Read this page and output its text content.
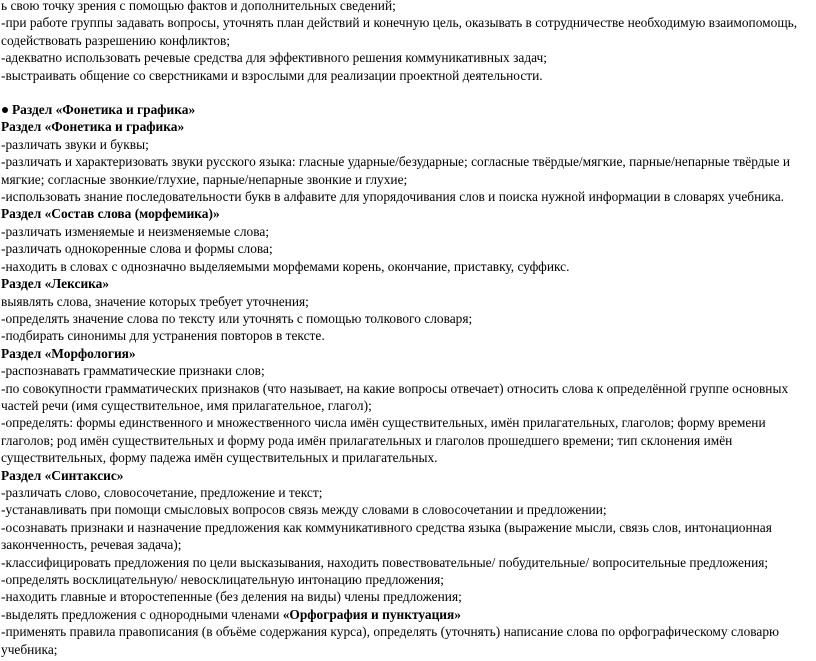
ь свою точку зрения с помощью фактов и дополнительных сведений;

-при работе группы задавать вопросы, уточнять план действий и конечную цель, оказывать в сотрудничестве необходимую взаимопомощь, содействовать разрешению конфликтов;

-адекватно использовать речевые средства для эффективного решения коммуникативных задач;

-выстраивать общение со сверстниками и взрослыми для реализации проектной деятельности.

Раздел «Фонетика и графика»

Раздел «Фонетика и графика»

-различать звуки и буквы;

-различать и характеризовать звуки русского языка: гласные ударные/безударные; согласные твёрдые/мягкие, парные/непарные твёрдые и мягкие; согласные звонкие/глухие, парные/непарные звонкие и глухие;

-использовать знание последовательности букв в алфавите для упорядочивания слов и поиска нужной информации в словарях учебника.

Раздел «Состав слова (морфемика)»

-различать изменяемые и неизменяемые слова;

-различать однокоренные слова и формы слова;

-находить в словах с однозначно выделяемыми морфемами корень, окончание, приставку, суффикс.

Раздел «Лексика»

выявлять слова, значение которых требует уточнения;

-определять значение слова по тексту или уточнять с помощью толкового словаря;

-подбирать синонимы для устранения повторов в тексте.

Раздел «Морфология»

-распознавать грамматические признаки слов;

-по совокупности грамматических признаков (что называет, на какие вопросы отвечает) относить слова к определённой группе основных частей речи (имя существительное, имя прилагательное, глагол);

-определять: формы единственного и множественного числа имён существительных, имён прилагательных, глаголов; форму времени глаголов; род имён существительных и форму рода имён прилагательных и глаголов прошедшего времени; тип склонения имён существительных, форму падежа имён существительных и прилагательных.

Раздел «Синтаксис»

-различать слово, словосочетание, предложение и текст;

-устанавливать при помощи смысловых вопросов связь между словами в словосочетании и предложении;

-осознавать признаки и назначение предложения как коммуникативного средства языка (выражение мысли, связь слов, интонационная законченность, речевая задача);

-классифицировать предложения по цели высказывания, находить повествовательные/ побудительные/ вопросительные предложения;

-определять восклицательную/ невосклицательную интонацию предложения;

-находить главные и второстепенные (без деления на виды) члены предложения;

-выделять предложения с однородными членами «Орфография и пунктуация»

-применять правила правописания (в объёме содержания курса), определять (уточнять) написание слова по орфографическому словарю учебника;
